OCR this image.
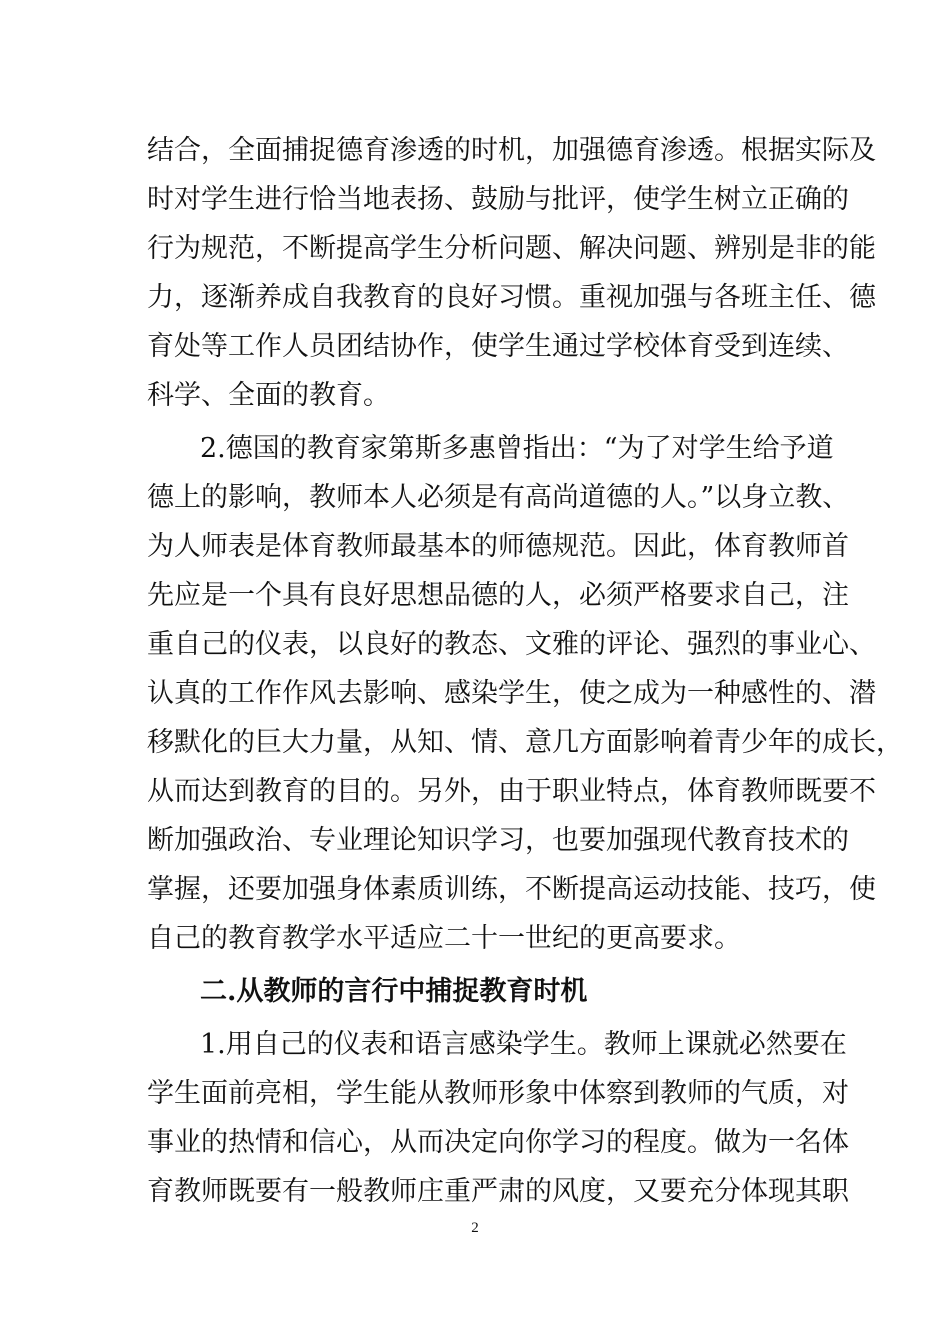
结合，全面捕捉德育渗透的时机，加强德育渗透。根据实际及
时对学生进行恰当地表扬、鼓励与批评，使学生树立正确的
行为规范，不断提高学生分析问题、解决问题、辨别是非的能
力，逐渐养成自我教育的良好习惯。重视加强与各班主任、德
育处等工作人员团结协作，使学生通过学校体育受到连续、
科学、全面的教育。
2.德国的教育家第斯多惠曾指出：“为了对学生给予道
德上的影响，教师本人必须是有高尚道德的人。”以身立教、
为人师表是体育教师最基本的师德规范。因此，体育教师首
先应是一个具有良好思想品德的人，必须严格要求自己，注
重自己的仪表，以良好的教态、文雅的评论、强烈的事业心、
认真的工作作风去影响、感染学生，使之成为一种感性的、潜
移默化的巨大力量，从知、情、意几方面影响着青少年的成长，
从而达到教育的目的。另外，由于职业特点，体育教师既要不
断加强政治、专业理论知识学习，也要加强现代教育技术的
掌握，还要加强身体素质训练，不断提高运动技能、技巧，使
自己的教育教学水平适应二十一世纪的更高要求。
二.从教师的言行中捕捉教育时机
1.用自己的仪表和语言感染学生。教师上课就必然要在
学生面前亮相，学生能从教师形象中体察到教师的气质，对
事业的热情和信心，从而决定向你学习的程度。做为一名体
育教师既要有一般教师庄重严肃的风度，又要充分体现其职
2
